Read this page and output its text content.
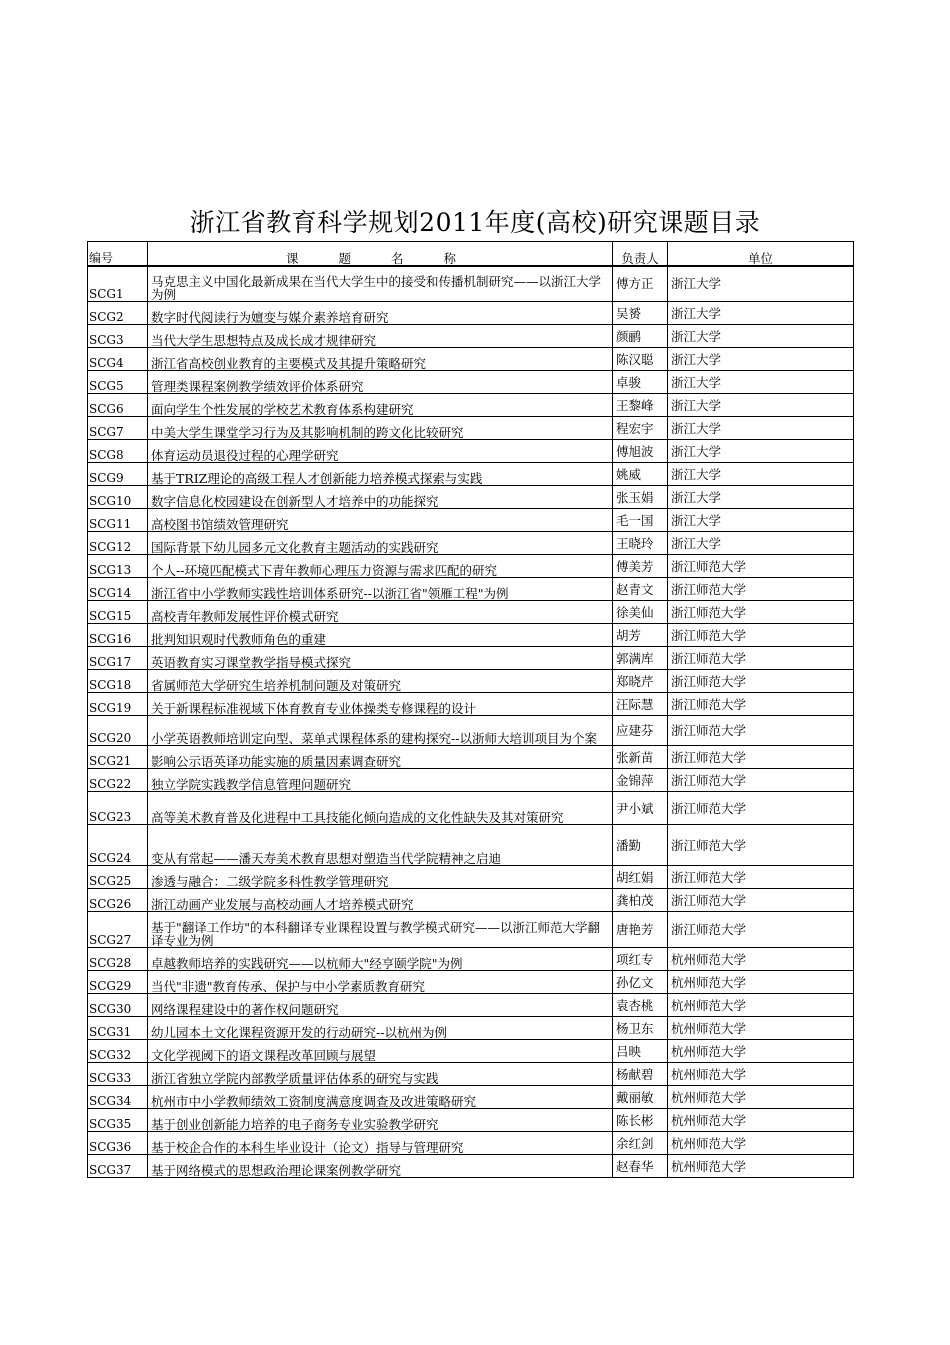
浙江省教育科学规划2011年度(高校)研究课题目录
编号	课 题 名 称	负责人	单位
SCG1	马克思主义中国化最新成果在当代大学生中的接受和传播机制研究——以浙江大学为例	傅方正	浙江大学
SCG2	数字时代阅读行为嬗变与媒介素养培育研究	吴赟	浙江大学
SCG3	当代大学生思想特点及成长成才规律研究	颜鹂	浙江大学
SCG4	浙江省高校创业教育的主要模式及其提升策略研究	陈汉聪	浙江大学
SCG5	管理类课程案例教学绩效评价体系研究	卓骏	浙江大学
SCG6	面向学生个性发展的学校艺术教育体系构建研究	王黎峰	浙江大学
SCG7	中美大学生课堂学习行为及其影响机制的跨文化比较研究	程宏宇	浙江大学
SCG8	体育运动员退役过程的心理学研究	傅旭波	浙江大学
SCG9	基于TRIZ理论的高级工程人才创新能力培养模式探索与实践	姚威	浙江大学
SCG10	数字信息化校园建设在创新型人才培养中的功能探究	张玉娟	浙江大学
SCG11	高校图书馆绩效管理研究	毛一国	浙江大学
SCG12	国际背景下幼儿园多元文化教育主题活动的实践研究	王晓玲	浙江大学
SCG13	个人--环境匹配模式下青年教师心理压力资源与需求匹配的研究	傅美芳	浙江师范大学
SCG14	浙江省中小学教师实践性培训体系研究--以浙江省"领雁工程"为例	赵青文	浙江师范大学
SCG15	高校青年教师发展性评价模式研究	徐美仙	浙江师范大学
SCG16	批判知识观时代教师角色的重建	胡芳	浙江师范大学
SCG17	英语教育实习课堂教学指导模式探究	郭满库	浙江师范大学
SCG18	省属师范大学研究生培养机制问题及对策研究	郑晓芹	浙江师范大学
SCG19	关于新课程标准视域下体育教育专业体操类专修课程的设计	汪际慧	浙江师范大学
SCG20	小学英语教师培训定向型、菜单式课程体系的建构探究--以浙师大培训项目为个案	应建芬	浙江师范大学
SCG21	影响公示语英译功能实施的质量因素调查研究	张新苗	浙江师范大学
SCG22	独立学院实践教学信息管理问题研究	金锦萍	浙江师范大学
SCG23	高等美术教育普及化进程中工具技能化倾向造成的文化性缺失及其对策研究	尹小斌	浙江师范大学
SCG24	变从有常起——潘天寿美术教育思想对塑造当代学院精神之启迪	潘勤	浙江师范大学
SCG25	渗透与融合：二级学院多科性教学管理研究	胡红娟	浙江师范大学
SCG26	浙江动画产业发展与高校动画人才培养模式研究	龚柏茂	浙江师范大学
SCG27	基于"翻译工作坊"的本科翻译专业课程设置与教学模式研究——以浙江师范大学翻译专业为例	唐艳芳	浙江师范大学
SCG28	卓越教师培养的实践研究——以杭师大"经亨颐学院"为例	项红专	杭州师范大学
SCG29	当代"非遗"教育传承、保护与中小学素质教育研究	孙亿文	杭州师范大学
SCG30	网络课程建设中的著作权问题研究	袁杏桃	杭州师范大学
SCG31	幼儿园本土文化课程资源开发的行动研究--以杭州为例	杨卫东	杭州师范大学
SCG32	文化学视阈下的语文课程改革回顾与展望	吕映	杭州师范大学
SCG33	浙江省独立学院内部教学质量评估体系的研究与实践	杨献碧	杭州师范大学
SCG34	杭州市中小学教师绩效工资制度满意度调查及改进策略研究	戴丽敏	杭州师范大学
SCG35	基于创业创新能力培养的电子商务专业实验教学研究	陈长彬	杭州师范大学
SCG36	基于校企合作的本科生毕业设计（论文）指导与管理研究	余红剑	杭州师范大学
SCG37	基于网络模式的思想政治理论课案例教学研究	赵春华	杭州师范大学
